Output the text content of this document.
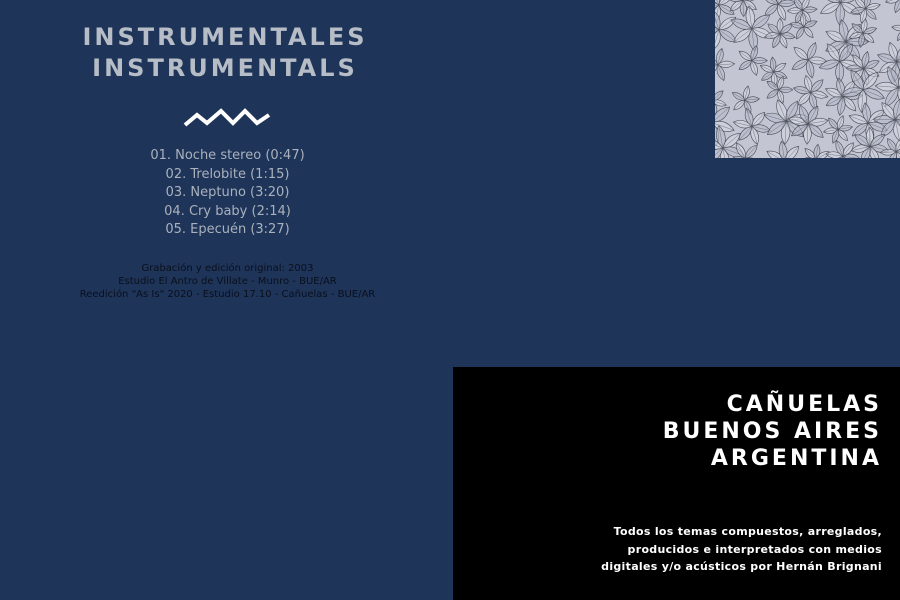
INSTRUMENTALES
INSTRUMENTALS
01. Noche stereo (0:47)
02. Trelobite (1:15)
03. Neptuno (3:20)
04. Cry baby (2:14)
05. Epecuén (3:27)
Grabación y edición original: 2003
Estudio El Antro de Villate - Munro - BUE/AR
Reedición "As Is" 2020 - Estudio 17.10 - Cañuelas - BUE/AR
CAÑUELAS
BUENOS AIRES
ARGENTINA
Todos los temas compuestos, arreglados,
producidos e interpretados con medios
digitales y/o acústicos por Hernán Brignani
